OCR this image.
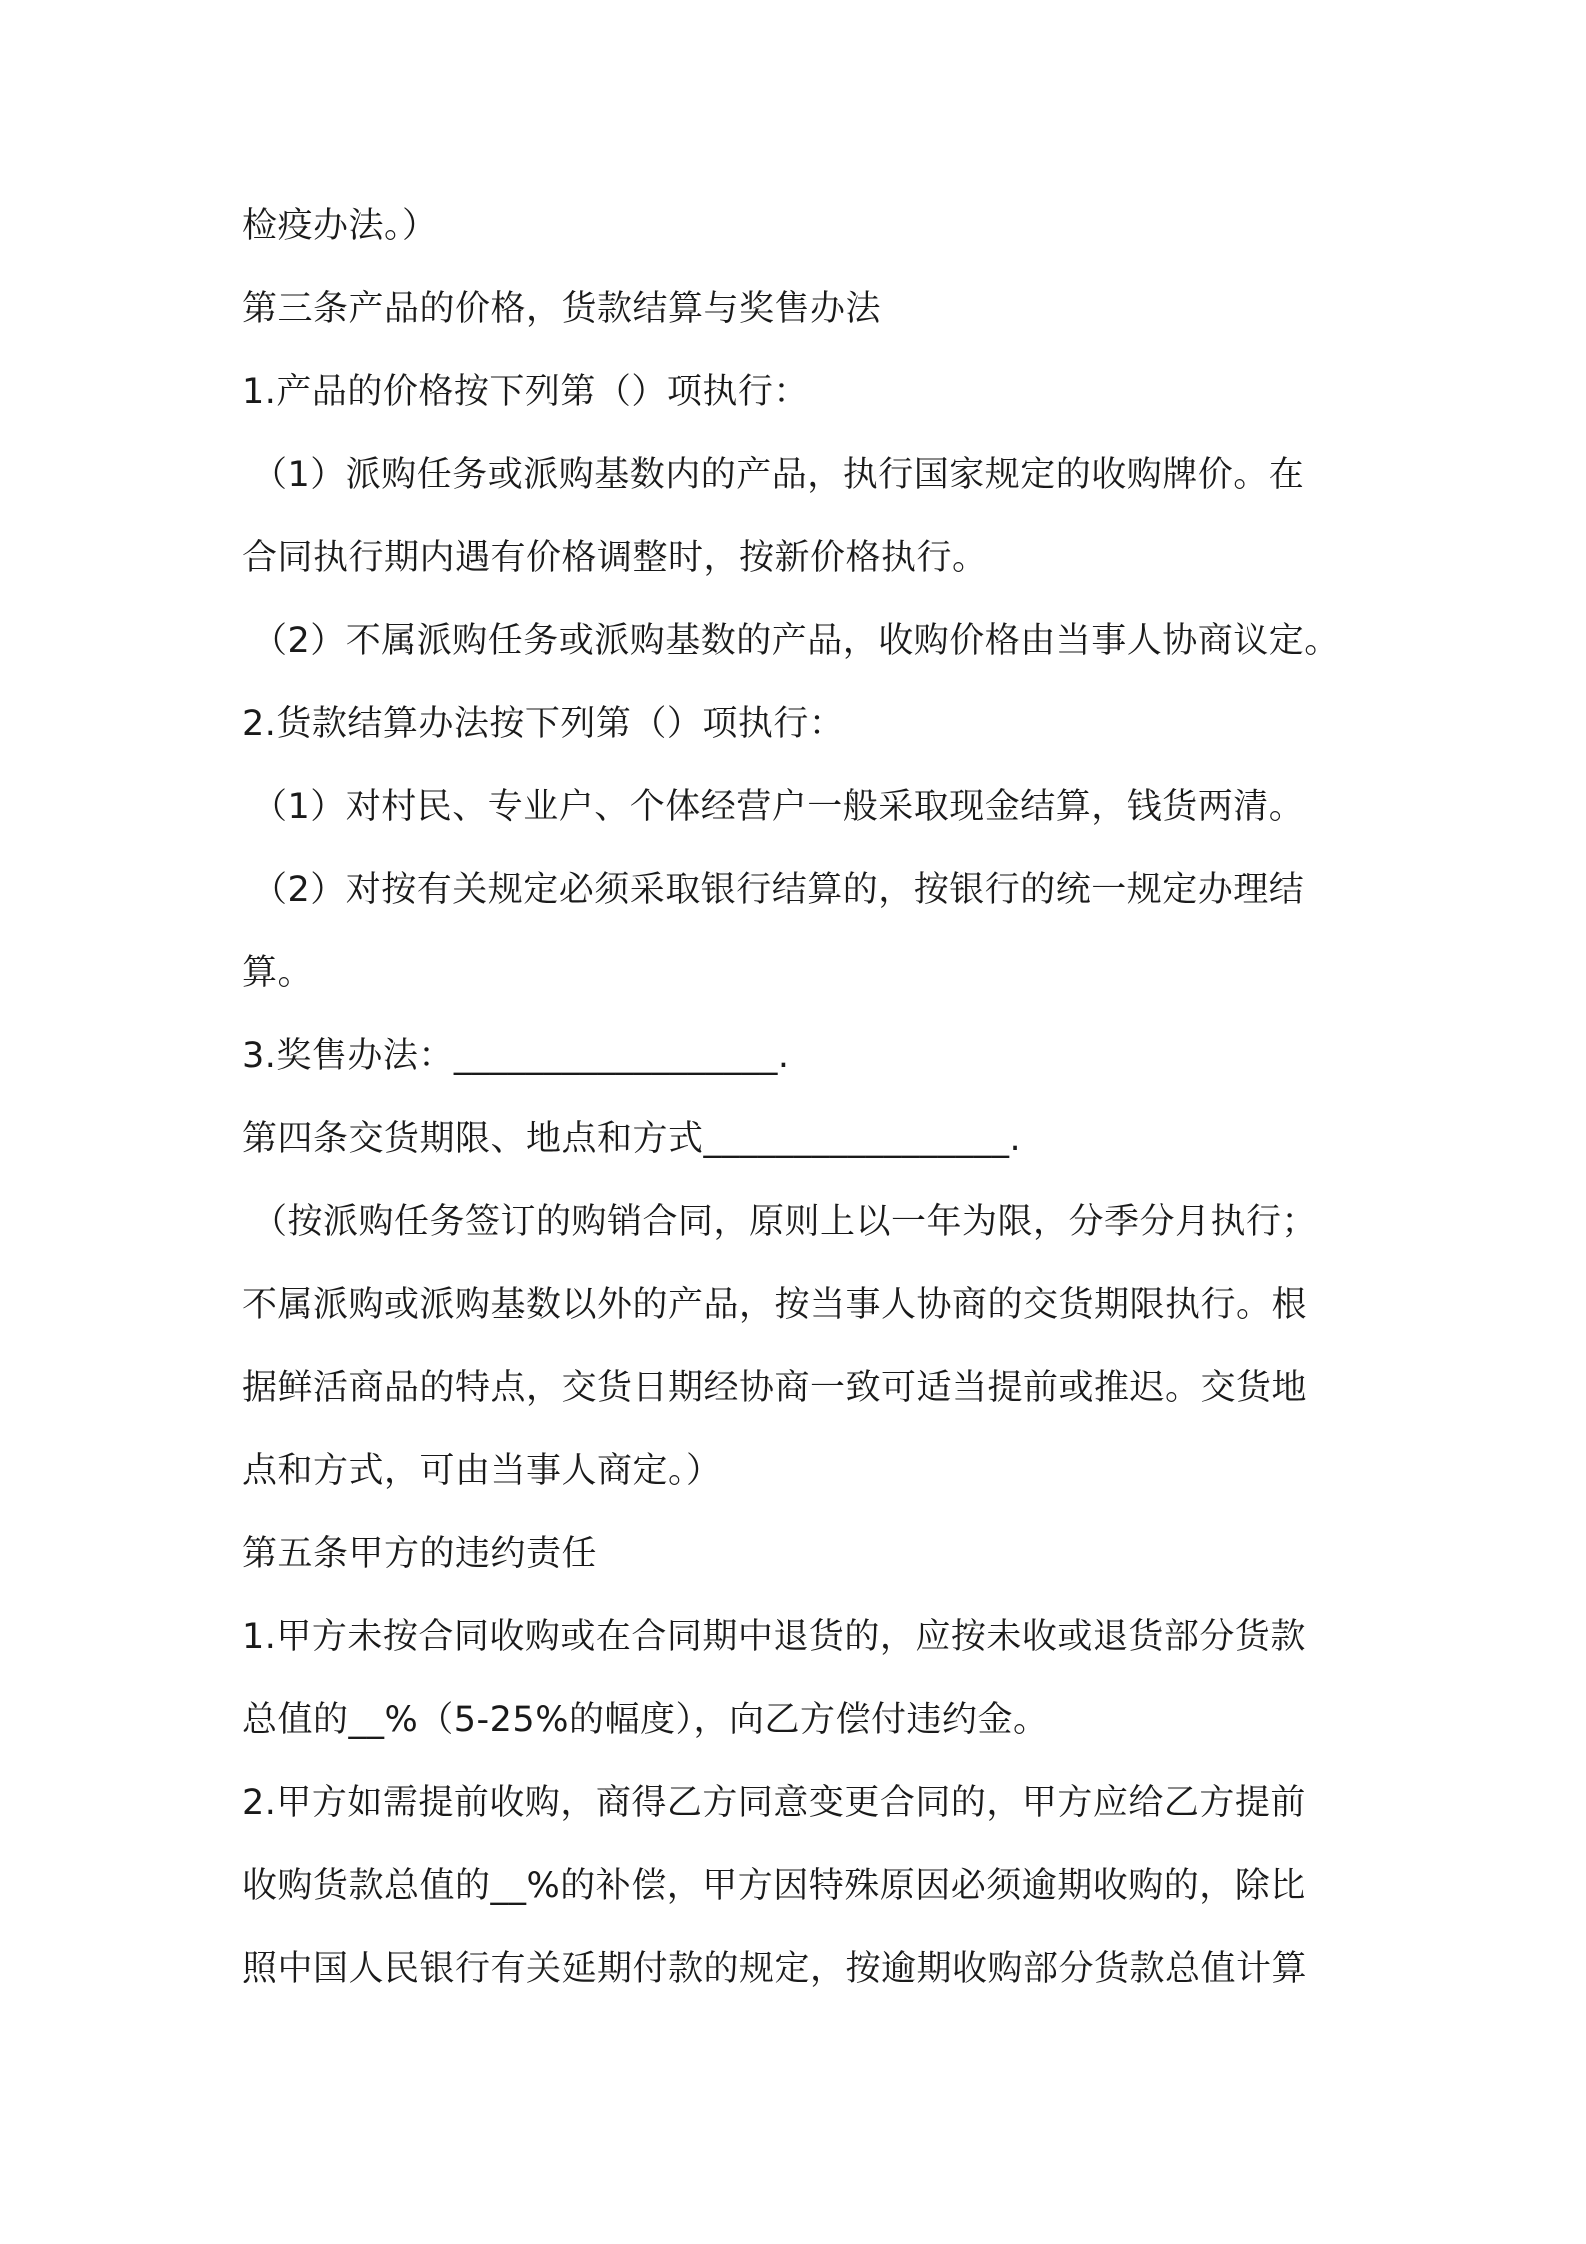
检疫办法。）
第三条产品的价格，货款结算与奖售办法
1.产品的价格按下列第（）项执行：
（1）派购任务或派购基数内的产品，执行国家规定的收购牌价。在
合同执行期内遇有价格调整时，按新价格执行。
（2）不属派购任务或派购基数的产品，收购价格由当事人协商议定。
2.货款结算办法按下列第（）项执行：
（1）对村民、专业户、个体经营户一般采取现金结算，钱货两清。
（2）对按有关规定必须采取银行结算的，按银行的统一规定办理结
算。
3.奖售办法：__________________.
第四条交货期限、地点和方式_________________.
（按派购任务签订的购销合同，原则上以一年为限，分季分月执行；
不属派购或派购基数以外的产品，按当事人协商的交货期限执行。根
据鲜活商品的特点，交货日期经协商一致可适当提前或推迟。交货地
点和方式，可由当事人商定。）
第五条甲方的违约责任
1.甲方未按合同收购或在合同期中退货的，应按未收或退货部分货款
总值的__%（5-25%的幅度），向乙方偿付违约金。
2.甲方如需提前收购，商得乙方同意变更合同的，甲方应给乙方提前
收购货款总值的__%的补偿，甲方因特殊原因必须逾期收购的，除比
照中国人民银行有关延期付款的规定，按逾期收购部分货款总值计算
